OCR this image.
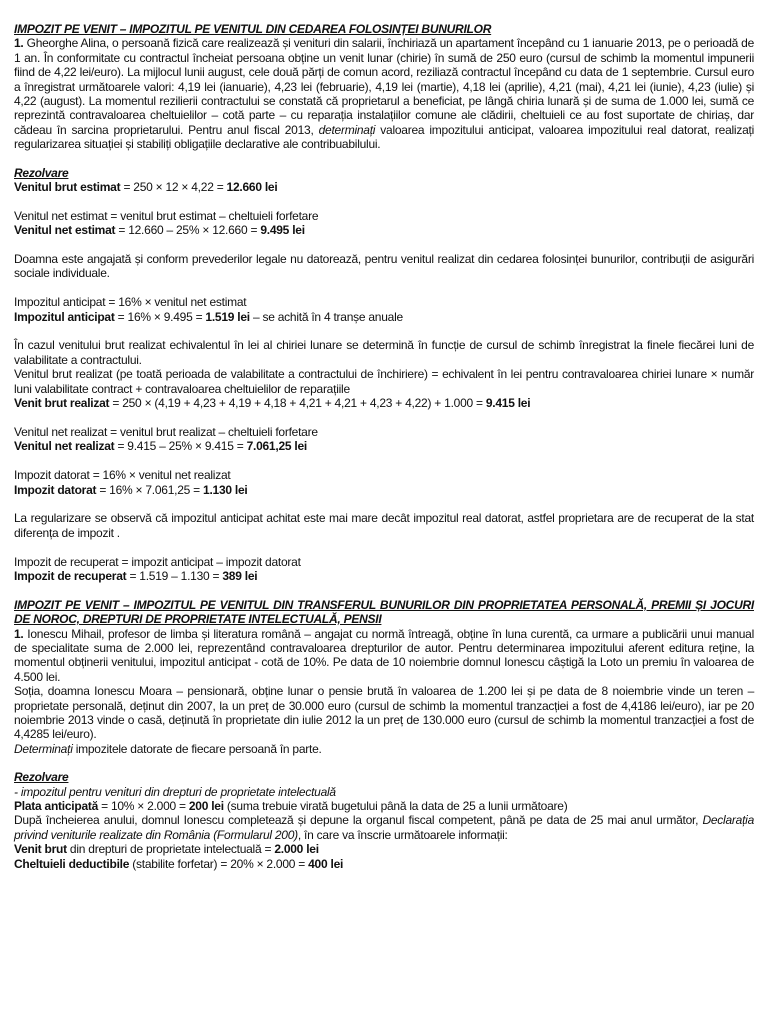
IMPOZIT PE VENIT – IMPOZITUL PE VENITUL DIN CEDAREA FOLOSINȚEI BUNURILOR

1. Gheorghe Alina, o persoană fizică care realizează și venituri din salarii, închiriază un apartament începând cu 1 ianuarie 2013, pe o perioadă de 1 an. În conformitate cu contractul încheiat persoana obține un venit lunar (chirie) în sumă de 250 euro (cursul de schimb la momentul impunerii fiind de 4,22 lei/euro). La mijlocul lunii august, cele două părți de comun acord, reziliază contractul începând cu data de 1 septembrie. Cursul euro a înregistrat următoarele valori: 4,19 lei (ianuarie), 4,23 lei (februarie), 4,19 lei (martie), 4,18 lei (aprilie), 4,21 (mai), 4,21 lei (iunie), 4,23 (iulie) și 4,22 (august). La momentul rezilierii contractului se constată că proprietarul a beneficiat, pe lângă chiria lunară și de suma de 1.000 lei, sumă ce reprezintă contravaloarea cheltuielilor – cotă parte – cu reparația instalațiilor comune ale clădirii, cheltuieli ce au fost suportate de chiriaș, dar cădeau în sarcina proprietarului. Pentru anul fiscal 2013, determinați valoarea impozitului anticipat, valoarea impozitului real datorat, realizați regularizarea situației și stabiliți obligațiile declarative ale contribuabilului.

Rezolvare

Venitul brut estimat = 250 × 12 × 4,22 = 12.660 lei

Venitul net estimat = venitul brut estimat – cheltuieli forfetare

Venitul net estimat = 12.660 – 25% × 12.660 = 9.495 lei

Doamna este angajată și conform prevederilor legale nu datorează, pentru venitul realizat din cedarea folosinței bunurilor, contribuții de asigurări sociale individuale.

Impozitul anticipat = 16% × venitul net estimat

Impozitul anticipat = 16% × 9.495 = 1.519 lei – se achită în 4 tranșe anuale

În cazul venitului brut realizat echivalentul în lei al chiriei lunare se determină în funcție de cursul de schimb înregistrat la finele fiecărei luni de valabilitate a contractului.

Venitul brut realizat (pe toată perioada de valabilitate a contractului de închiriere) = echivalent în lei pentru contravaloarea chiriei lunare × număr luni valabilitate contract + contravaloarea cheltuielilor de reparațiile

Venit brut realizat = 250 × (4,19 + 4,23 + 4,19 + 4,18 + 4,21 + 4,21 + 4,23 + 4,22) + 1.000 = 9.415 lei

Venitul net realizat = venitul brut realizat – cheltuieli forfetare

Venitul net realizat = 9.415 – 25% × 9.415 = 7.061,25 lei

Impozit datorat = 16% × venitul net realizat

Impozit datorat = 16% × 7.061,25 = 1.130 lei

La regularizare se observă că impozitul anticipat achitat este mai mare decât impozitul real datorat, astfel proprietara are de recuperat de la stat diferența de impozit .

Impozit de recuperat = impozit anticipat – impozit datorat

Impozit de recuperat = 1.519 – 1.130 = 389 lei

IMPOZIT PE VENIT – IMPOZITUL PE VENITUL DIN TRANSFERUL BUNURILOR DIN PROPRIETATEA PERSONALĂ, PREMII ȘI JOCURI DE NOROC, DREPTURI DE PROPRIETATE INTELECTUALĂ, PENSII

1. Ionescu Mihail, profesor de limba și literatura română – angajat cu normă întreagă, obține în luna curentă, ca urmare a publicării unui manual de specialitate suma de 2.000 lei, reprezentând contravaloarea drepturilor de autor. Pentru determinarea impozitului aferent editura reține, la momentul obținerii venitului, impozitul anticipat - cotă de 10%. Pe data de 10 noiembrie domnul Ionescu câștigă la Loto un premiu în valoarea de 4.500 lei.

Soția, doamna Ionescu Moara – pensionară, obține lunar o pensie brută în valoarea de 1.200 lei și pe data de 8 noiembrie vinde un teren – proprietate personală, deținut din 2007, la un preț de 30.000 euro (cursul de schimb la momentul tranzacției a fost de 4,4186 lei/euro), iar pe 20 noiembrie 2013 vinde o casă, deținută în proprietate din iulie 2012 la un preț de 130.000 euro (cursul de schimb la momentul tranzacției a fost de 4,4285 lei/euro).

Determinați impozitele datorate de fiecare persoană în parte.

Rezolvare

- impozitul pentru venituri din drepturi de proprietate intelectuală

Plata anticipată = 10% × 2.000 = 200 lei (suma trebuie virată bugetului până la data de 25 a lunii următoare)

După încheierea anului, domnul Ionescu completează și depune la organul fiscal competent, până pe data de 25 mai anul următor, Declarația privind veniturile realizate din România (Formularul 200), în care va înscrie următoarele informații:

Venit brut din drepturi de proprietate intelectuală = 2.000 lei

Cheltuieli deductibile (stabilite forfetar) = 20% × 2.000 = 400 lei
